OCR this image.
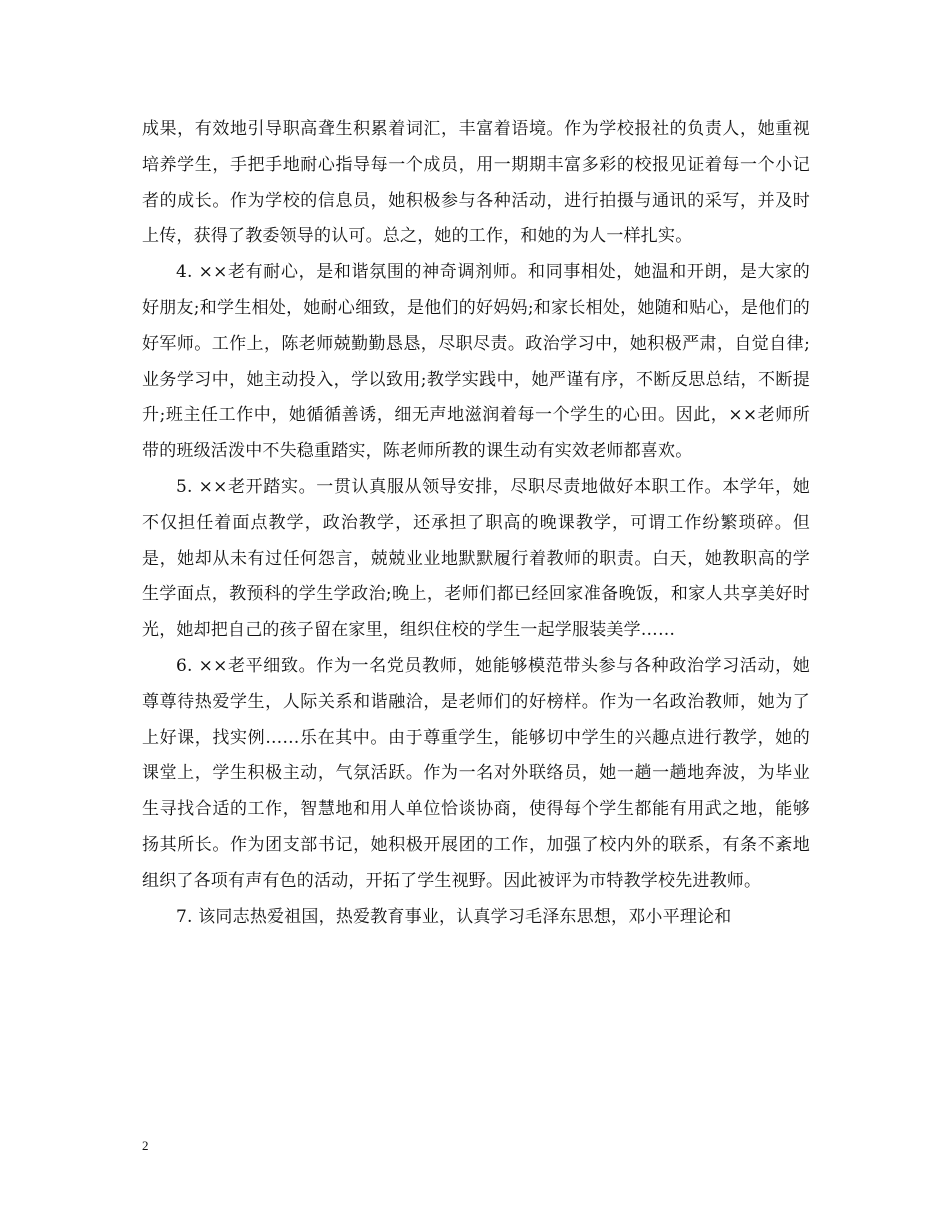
成果，有效地引导职高聋生积累着词汇，丰富着语境。作为学校报社的负责人，她重视培养学生，手把手地耐心指导每一个成员，用一期期丰富多彩的校报见证着每一个小记者的成长。作为学校的信息员，她积极参与各种活动，进行拍摄与通讯的采写，并及时上传，获得了教委领导的认可。总之，她的工作，和她的为人一样扎实。

4. ××老有耐心，是和谐氛围的神奇调剂师。和同事相处，她温和开朗，是大家的好朋友;和学生相处，她耐心细致，是他们的好妈妈;和家长相处，她随和贴心，是他们的好军师。工作上，陈老师兢勤勤恳恳，尽职尽责。政治学习中，她积极严肃，自觉自律;业务学习中，她主动投入，学以致用;教学实践中，她严谨有序，不断反思总结，不断提升;班主任工作中，她循循善诱，细无声地滋润着每一个学生的心田。因此，××老师所带的班级活泼中不失稳重踏实，陈老师所教的课生动有实效老师都喜欢。

5. ××老开踏实。一贯认真服从领导安排，尽职尽责地做好本职工作。本学年，她不仅担任着面点教学，政治教学，还承担了职高的晚课教学，可谓工作纷繁琐碎。但是，她却从未有过任何怨言，兢兢业业地默默履行着教师的职责。白天，她教职高的学生学面点，教预科的学生学政治;晚上，老师们都已经回家准备晚饭，和家人共享美好时光，她却把自己的孩子留在家里，组织住校的学生一起学服装美学……

6. ××老平细致。作为一名党员教师，她能够模范带头参与各种政治学习活动，她尊尊待热爱学生，人际关系和谐融洽，是老师们的好榜样。作为一名政治教师，她为了上好课，找实例……乐在其中。由于尊重学生，能够切中学生的兴趣点进行教学，她的课堂上，学生积极主动，气氛活跃。作为一名对外联络员，她一趟一趟地奔波，为毕业生寻找合适的工作，智慧地和用人单位恰谈协商，使得每个学生都能有用武之地，能够扬其所长。作为团支部书记，她积极开展团的工作，加强了校内外的联系，有条不紊地组织了各项有声有色的活动，开拓了学生视野。因此被评为市特教学校先进教师。

7. 该同志热爱祖国，热爱教育事业，认真学习毛泽东思想，邓小平理论和

2
